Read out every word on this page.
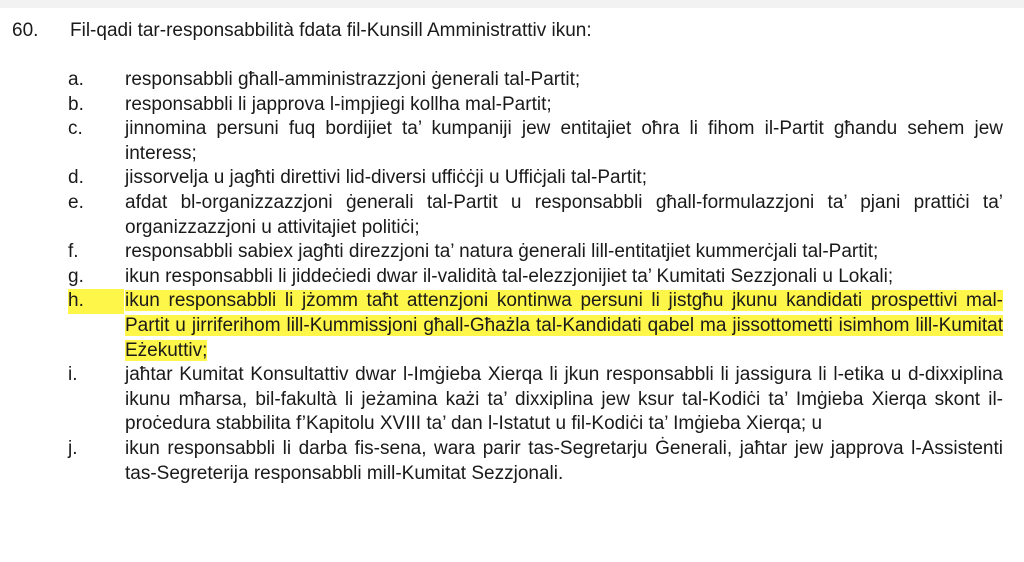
60. Fil-qadi tar-responsabbilità fdata fil-Kunsill Amministrattiv ikun:
a. responsabbli għall-amministrazzjoni ġenerali tal-Partit;
b. responsabbli li japprova l-impjiegi kollha mal-Partit;
c. jinnomina persuni fuq bordijiet ta’ kumpaniji jew entitajiet oħra li fihom il-Partit għandu sehem jew interess;
d. jissorvelja u jagħti direttivi lid-diversi uffiċċji u Uffiċjali tal-Partit;
e. afdat bl-organizzazzjoni ġenerali tal-Partit u responsabbli għall-formulazzjoni ta’ pjani prattiċi ta’ organizzazzjoni u attivitajiet politiċi;
f. responsabbli sabiex jagħti direzzjoni ta’ natura ġenerali lill-entitatjiet kummerċjali tal-Partit;
g. ikun responsabbli li jiddeċiedi dwar il-validità tal-elezzjonijiet ta’ Kumitati Sezzjonali u Lokali;
h.	ikun responsabbli li jżomm taħt attenzjoni kontinwa persuni li jistgħu jkunu kandidati prospettivi mal-Partit u jirriferihom lill-Kummissjoni għall-Għażla tal-Kandidati qabel ma jissottometti isimhom lill-Kumitat Eżekuttiv;
i.	jaħtar Kumitat Konsultattiv dwar l-Imġieba Xierqa li jkun responsabbli li jassigura li l-etika u d-dixxiplina ikunu mħarsa, bil-fakultà li jeżamina każi ta’ dixxiplina jew ksur tal-Kodiċi ta’ Imġieba Xierqa skont il-proċedura stabbilita f’Kapitolu XVIII ta’ dan l-Istatut u fil-Kodiċi ta’ Imġieba Xierqa; u
j.	ikun responsabbli li darba fis-sena, wara parir tas-Segretarju Ġenerali, jaħtar jew japprova l-Assistenti tas-Segreterija responsabbli mill-Kumitat Sezzjonali.
